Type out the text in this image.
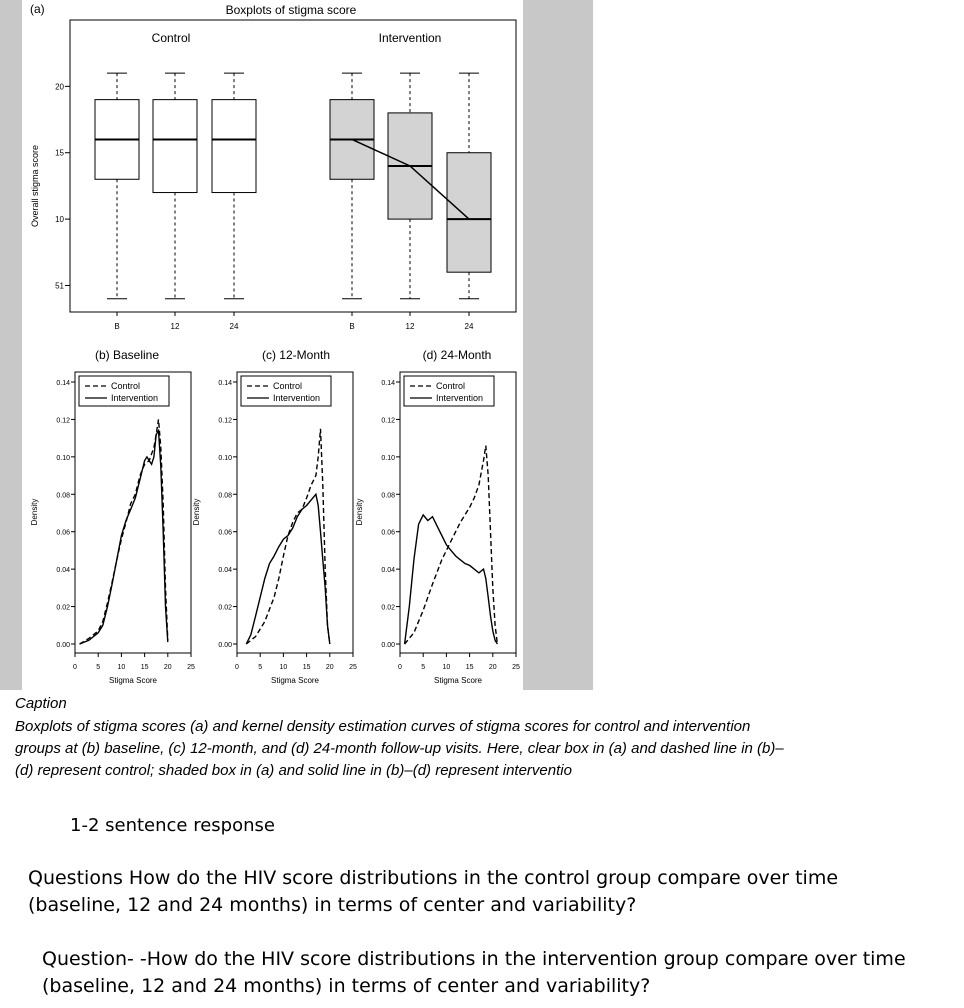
(a)	Boxplots of stigma score
Overall stigma score
20
15
10
51
Control
B	12	24
Intervention
B	12	24
(b) Baseline
Density
0.00
0.02
0.04
0.06
0.08
0.10
0.12
0.14
0	5 10 15 20 25
Stigma Score
Control
Intervention
(c) 12-Month
Density
0.00
0.02
0.04
0.06
0.08
0.10
0.12
0.14
0	5 10 15 20 25
Stigma Score
Control
Intervention
(d) 24-Month
Density
0.00
0.02
0.04
0.06
0.08
0.10
0.12
0.14
0	5 10 15 20 25
Stigma Score
Control
Intervention
Caption
Boxplots of stigma scores (a) and kernel density estimation curves of stigma scores for control and intervention groups at (b) baseline, (c) 12-month, and (d) 24-month follow-up visits. Here, clear box in (a) and dashed line in (b)–(d) represent control; shaded box in (a) and solid line in (b)–(d) represent interventio
1-2 sentence response
Questions How do the HIV score distributions in the control group compare over time (baseline, 12 and 24 months) in terms of center and variability?
Question- -How do the HIV score distributions in the intervention group compare over time (baseline, 12 and 24 months) in terms of center and variability?
